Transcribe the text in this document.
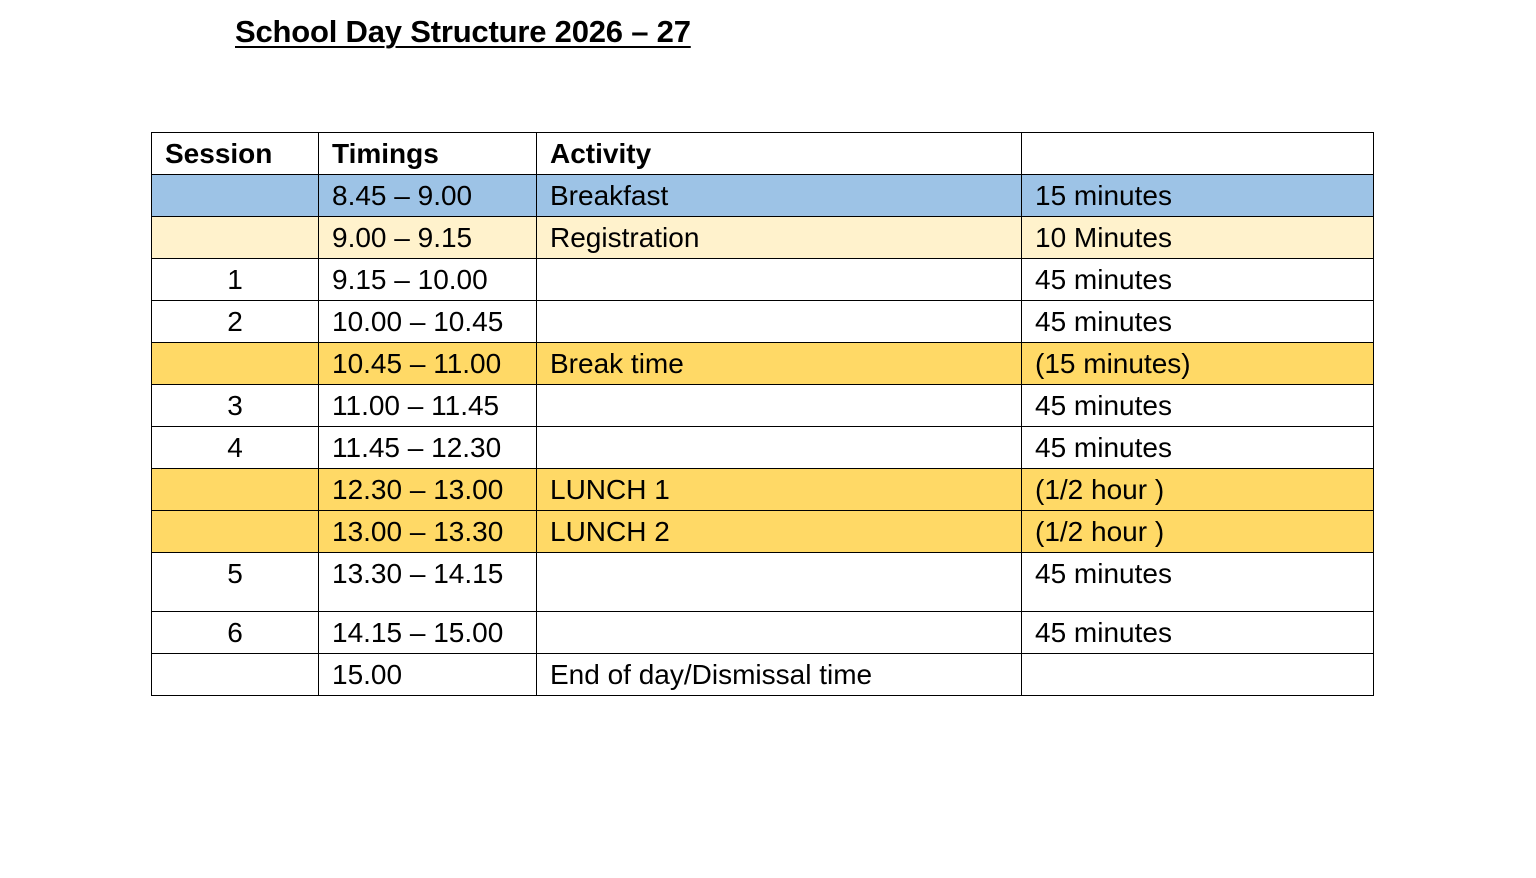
School Day Structure 2026 – 27
Session	Timings	Activity	
	8.45 – 9.00	Breakfast	15 minutes
	9.00 – 9.15	Registration	10 Minutes
1	9.15 – 10.00		45 minutes
2	10.00 – 10.45		45 minutes
	10.45 – 11.00	Break time	(15 minutes)
3	11.00 – 11.45		45 minutes
4	11.45 – 12.30		45 minutes
	12.30 – 13.00	LUNCH 1	(1/2 hour )
	13.00 – 13.30	LUNCH 2	(1/2 hour )
5	13.30 – 14.15		45 minutes
6	14.15 – 15.00		45 minutes
	15.00	End of day/Dismissal time	
